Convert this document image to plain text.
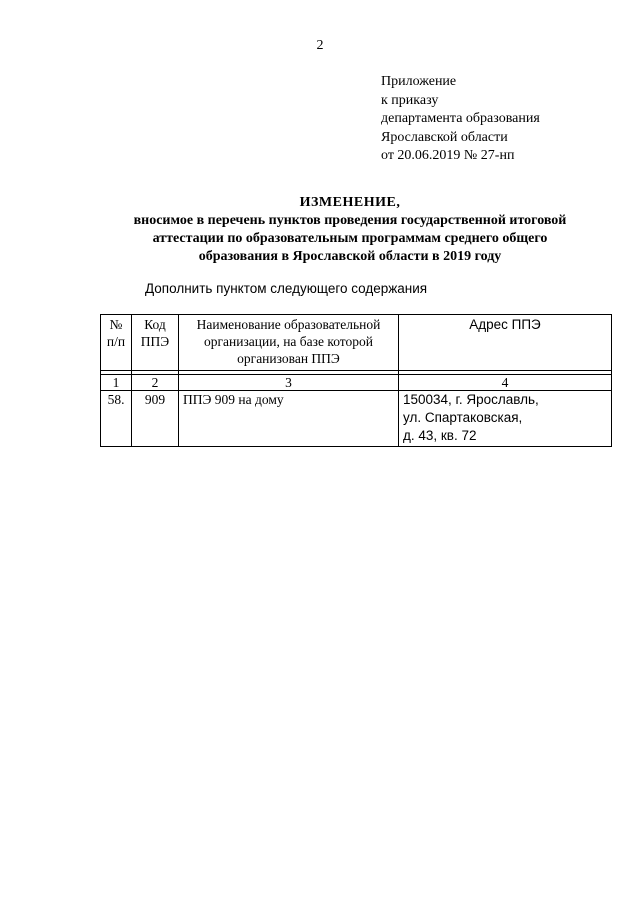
2
Приложение
к приказу
департамента образования
Ярославской области
от 20.06.2019 № 27-нп
ИЗМЕНЕНИЕ,
вносимое в перечень пунктов проведения государственной итоговой
аттестации по образовательным программам среднего общего
образования в Ярославской области в 2019 году
Дополнить пунктом следующего содержания
№ п/п	Код ППЭ	Наименование образовательной организации, на базе которой организован ППЭ	Адрес ППЭ

1	2	3	4
58.	909	ППЭ 909 на дому	150034, г. Ярославль,
ул. Спартаковская,
д. 43, кв. 72
